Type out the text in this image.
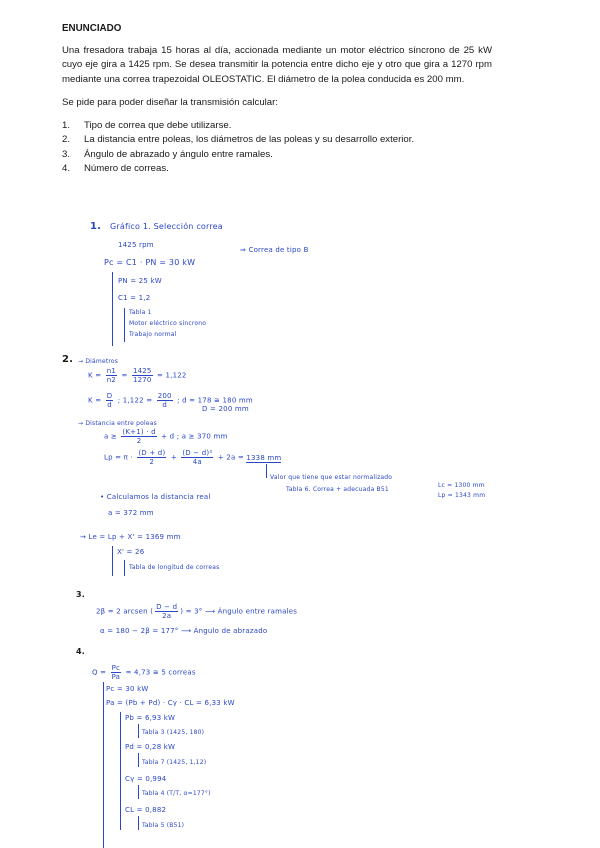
ENUNCIADO

Una fresadora trabaja 15 horas al día, accionada mediante un motor eléctrico síncrono de 25 kW cuyo eje gira a 1425 rpm. Se desea transmitir la potencia entre dicho eje y otro que gira a 1270 rpm mediante una correa trapezoidal OLEOSTATIC. El diámetro de la polea conducida es 200 mm.

Se pide para poder diseñar la transmisión calcular:

1.	Tipo de correa que debe utilizarse.
2.	La distancia entre poleas, los diámetros de las poleas y su desarrollo exterior.
3.	Ángulo de abrazado y ángulo entre ramales.
4.	Número de correas.
1. Gráfico 1. Selección correa
1425 rpm
⇒ Correa de tipo B
Pc = C1 · PN = 30 kW
PN = 25 kW
C1 = 1,2
Tabla 1
Motor eléctrico síncrono
Trabajo normal
2. → Diámetros
$K = \frac{n1}{n2} = \frac{1425}{1270} = 1,122$
$K = \frac{D}{d}$ ; $1,122 = \frac{200}{d}$ ; d = 178 ≅ 180 mm
D = 200 mm
→ Distancia entre poleas
$a \ge \frac{(K+1) \cdot d}{2} + d$ ; a ≥ 370 mm
$Lp = \pi \cdot \frac{(D + d)}{2} + \frac{\text{(D − d)²}}{4a} + 2a = 1338$ mm
Valor que tiene que estar normalizado
Tabla 6. Correa + adecuada B51
Lc = 1300 mm
Lp = 1343 mm
• Calculamos la distancia real
a = 372 mm
→ Le = Lp + X' = 1369 mm
X' = 26
Tabla de longitud de correas
3.
2β = 2 arcsen ( $\frac{D - d}{2a}$ ) = 3° ⟶ Ángulo entre ramales
α = 180 − 2β = 177° ⟶ Ángulo de abrazado
4.
$Q = \frac{Pc}{Pa} = 4,73$ ≅ 5 correas
Pc = 30 kW
Pa = (Pb + Pd) · Cγ · CL = 6,33 kW
Pb = 6,93 kW
Tabla 3 (1425, 180)
Pd = 0,28 kW
Tabla 7 (1425, 1,12)
Cγ = 0,994
Tabla 4 (T/T, α=177°)
CL = 0,882
Tabla 5 (B51)
